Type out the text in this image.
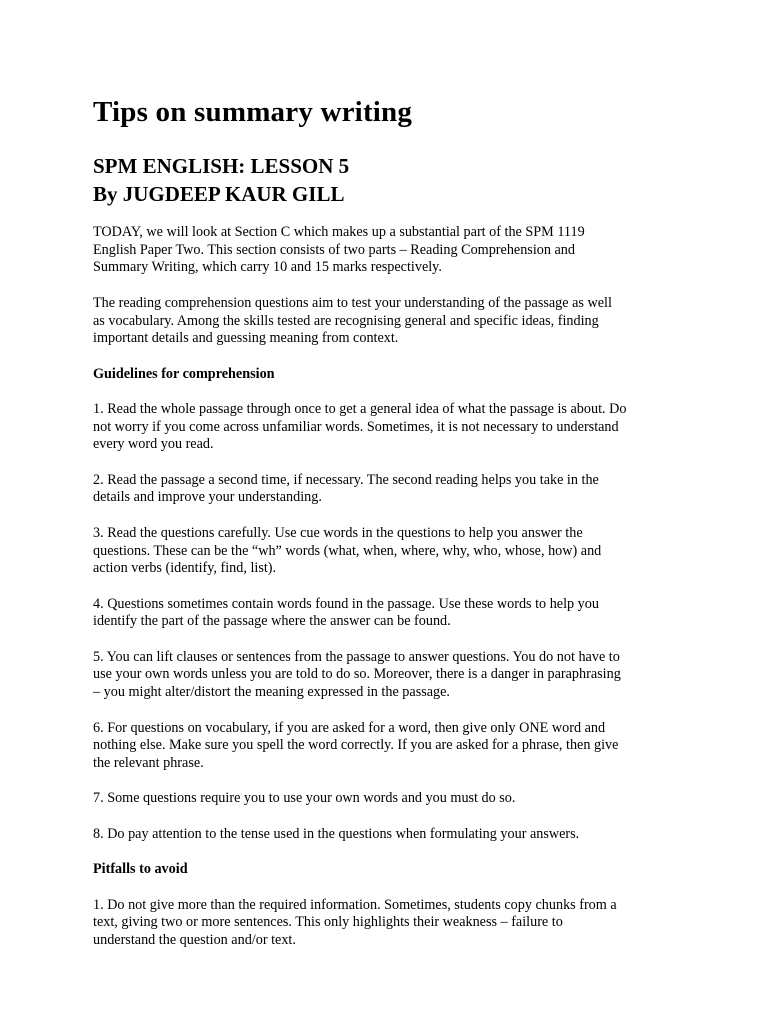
Tips on summary writing
SPM ENGLISH: LESSON 5
By JUGDEEP KAUR GILL

TODAY, we will look at Section C which makes up a substantial part of the SPM 1119
English Paper Two. This section consists of two parts – Reading Comprehension and
Summary Writing, which carry 10 and 15 marks respectively.

The reading comprehension questions aim to test your understanding of the passage as well
as vocabulary. Among the skills tested are recognising general and specific ideas, finding
important details and guessing meaning from context.

Guidelines for comprehension

1. Read the whole passage through once to get a general idea of what the passage is about. Do
not worry if you come across unfamiliar words. Sometimes, it is not necessary to understand
every word you read.

2. Read the passage a second time, if necessary. The second reading helps you take in the
details and improve your understanding.

3. Read the questions carefully. Use cue words in the questions to help you answer the
questions. These can be the “wh” words (what, when, where, why, who, whose, how) and
action verbs (identify, find, list).

4. Questions sometimes contain words found in the passage. Use these words to help you
identify the part of the passage where the answer can be found.

5. You can lift clauses or sentences from the passage to answer questions. You do not have to
use your own words unless you are told to do so. Moreover, there is a danger in paraphrasing
– you might alter/distort the meaning expressed in the passage.

6. For questions on vocabulary, if you are asked for a word, then give only ONE word and
nothing else. Make sure you spell the word correctly. If you are asked for a phrase, then give
the relevant phrase.

7. Some questions require you to use your own words and you must do so.

8. Do pay attention to the tense used in the questions when formulating your answers.

Pitfalls to avoid

1. Do not give more than the required information. Sometimes, students copy chunks from a
text, giving two or more sentences. This only highlights their weakness – failure to
understand the question and/or text.
